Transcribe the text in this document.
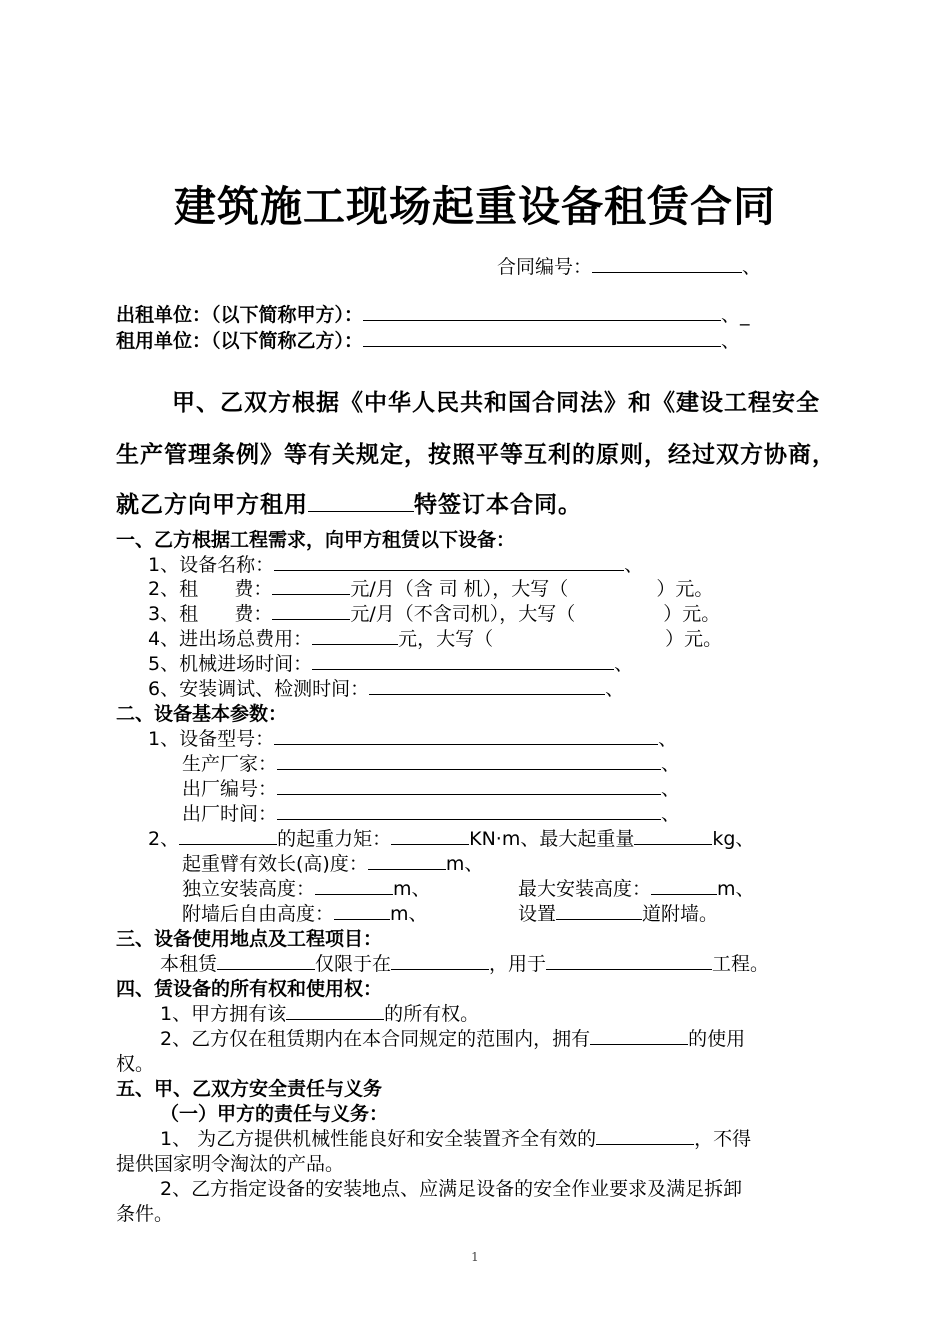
建筑施工现场起重设备租赁合同
合同编号：	、
出租单位：（以下简称甲方）：	、_
租用单位：（以下简称乙方）：	、
甲、乙双方根据《中华人民共和国合同法》和《建设工程安全
生产管理条例》等有关规定，按照平等互利的原则，经过双方协商，
就乙方向甲方租用	特签订本合同。
一、乙方根据工程需求，向甲方租赁以下设备：
1、设备名称：	、
2、租      费：	元/月（含 司 机），大写（	）元。
3、租      费：	元/月（不含司机），大写（	）元。
4、进出场总费用：	元，大写（	）元。
5、机械进场时间：	、
6、安装调试、检测时间：	、
二、设备基本参数：
1、设备型号：	、
生产厂家：	、
出厂编号：	、
出厂时间：	、
2、	的起重力矩：	KN·m、最大起重量	kg、
起重臂有效长(高)度：	m、
独立安装高度：	m、	最大安装高度：	m、
附墙后自由高度：	m、	设置	道附墙。
三、设备使用地点及工程项目：
本租赁	仅限于在	，用于	工程。
四、赁设备的所有权和使用权：
1、甲方拥有该	的所有权。
2、乙方仅在租赁期内在本合同规定的范围内，拥有	的使用
权。
五、甲、乙双方安全责任与义务
（一）甲方的责任与义务：
1、 为乙方提供机械性能良好和安全装置齐全有效的	，不得
提供国家明令淘汰的产品。
2、乙方指定设备的安装地点、应满足设备的安全作业要求及满足拆卸
条件。
1
